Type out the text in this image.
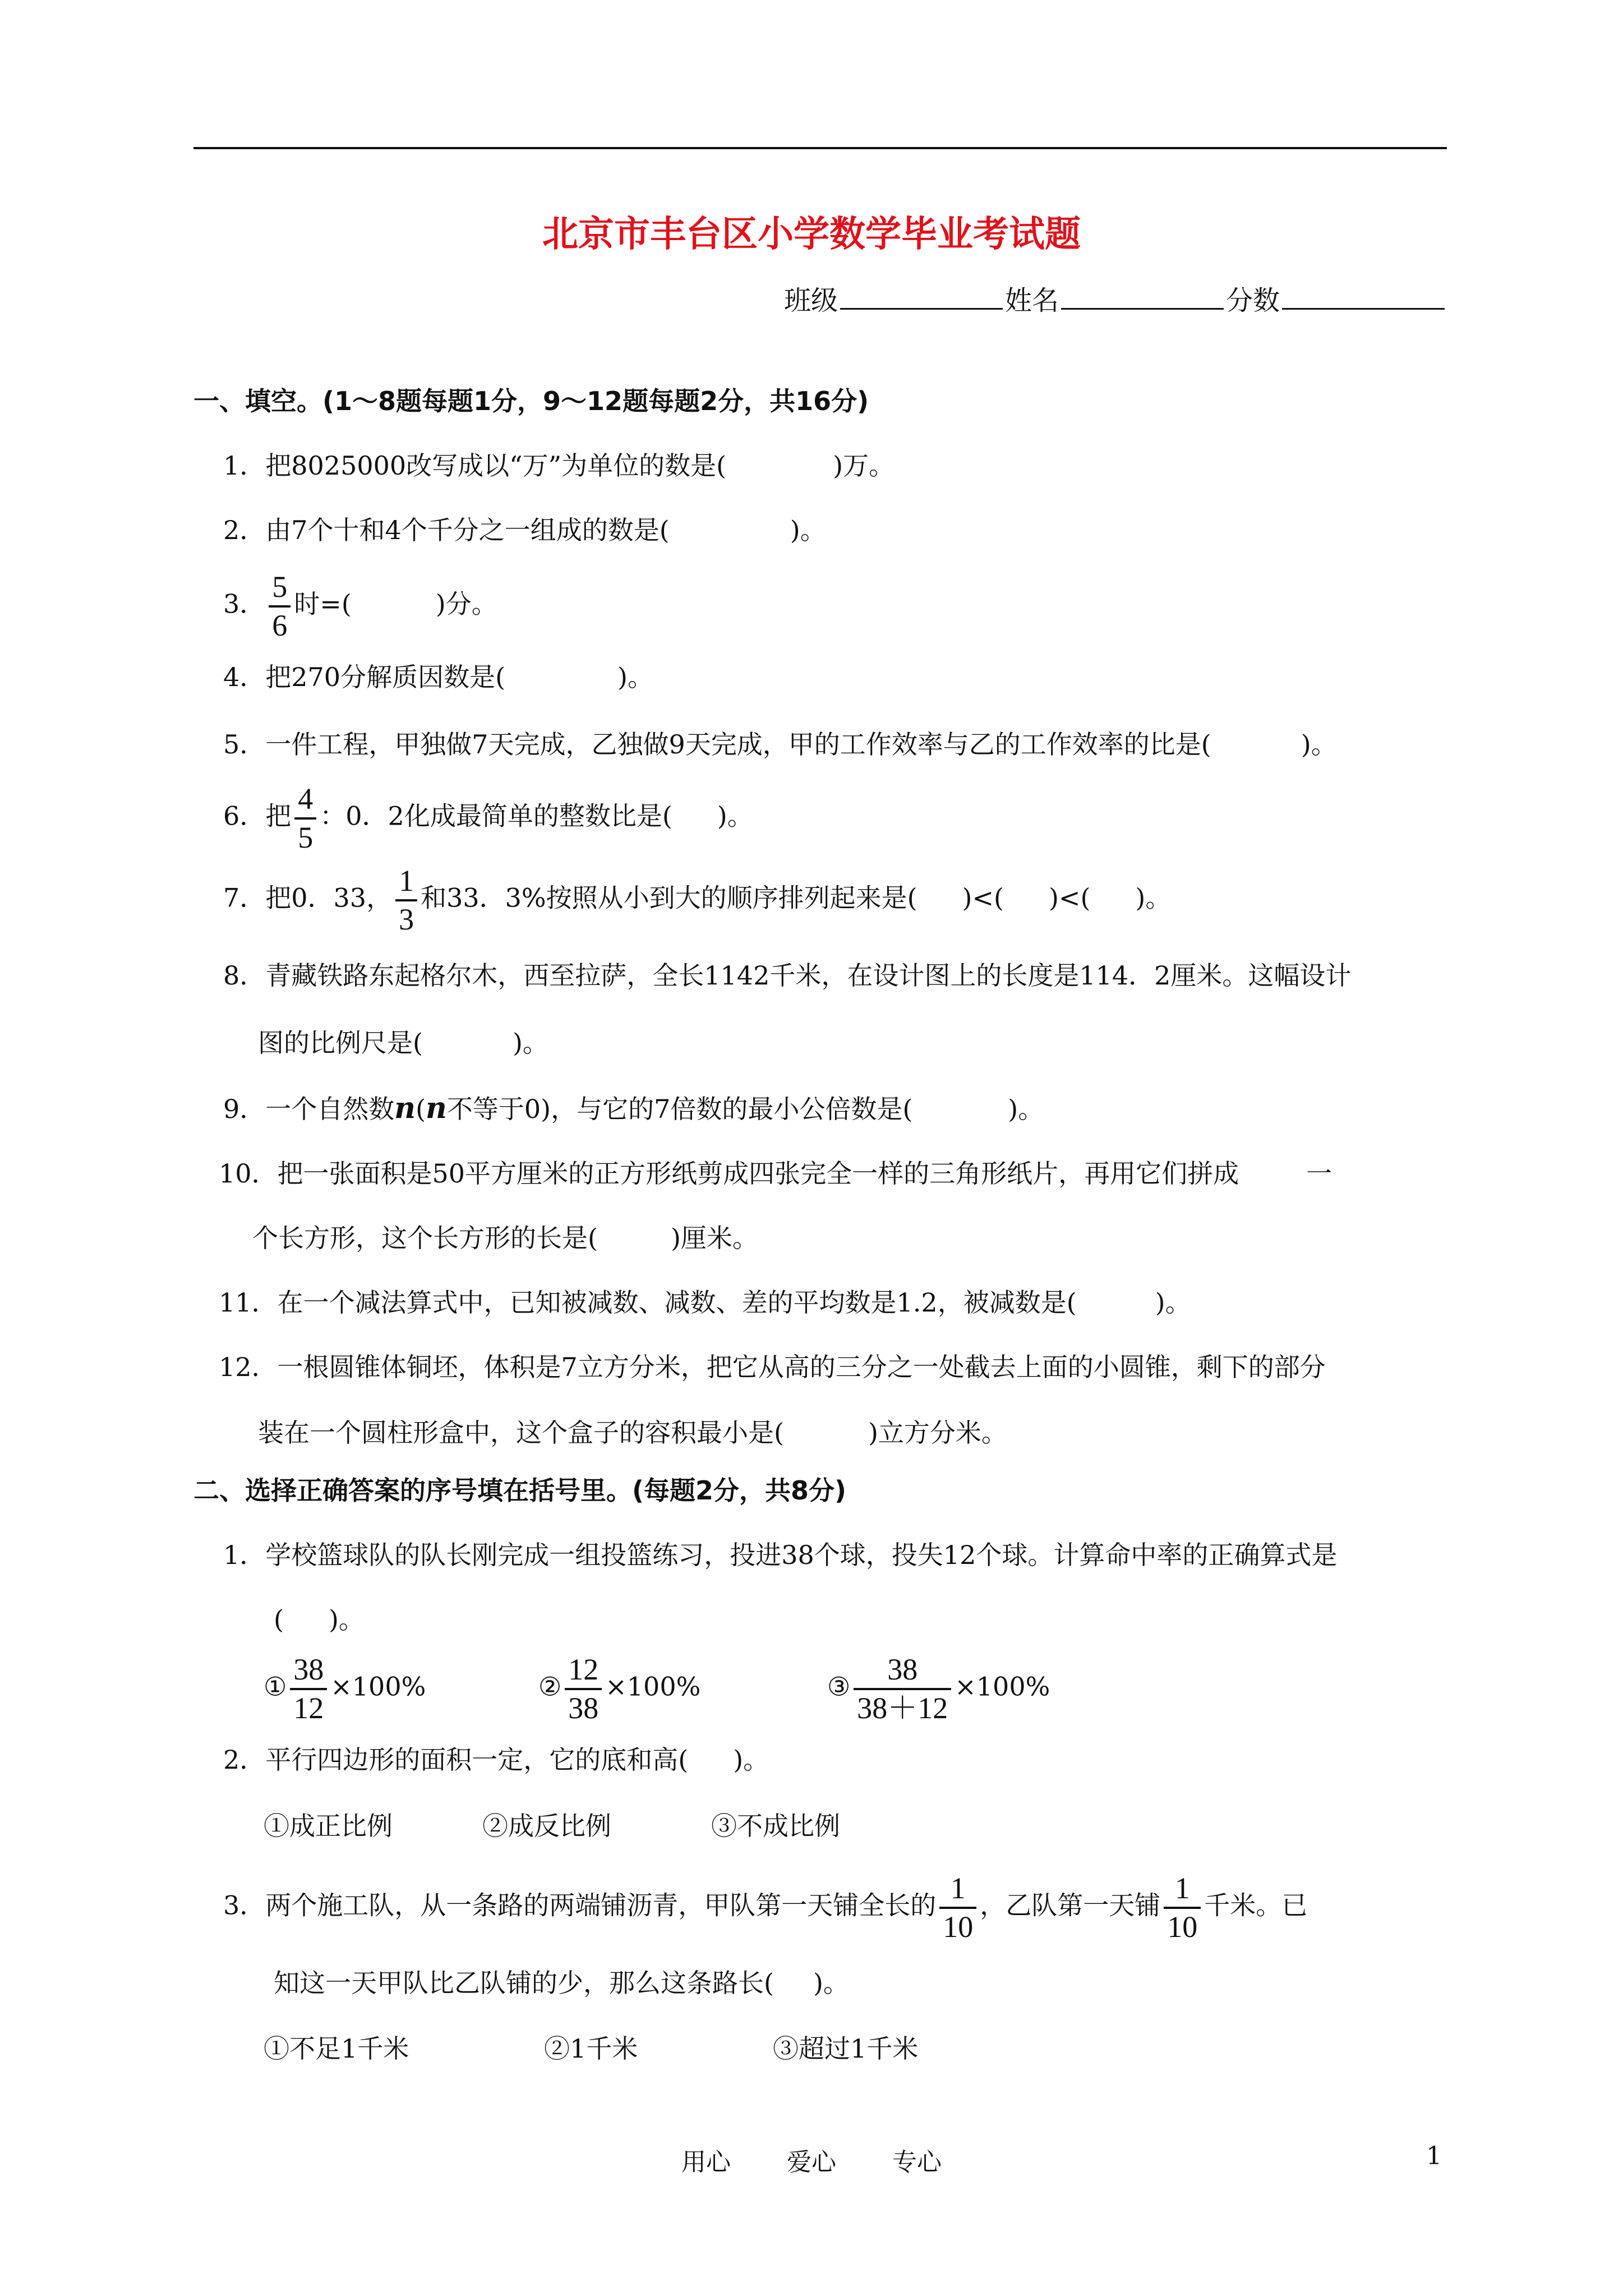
北京市丰台区小学数学毕业考试题
班级	姓名	分数
一、填空。(1～8题每题1分，9～12题每题2分，共16分)
1．把8025000改写成以“万”为单位的数是(	)万。
2．由7个十和4个千分之一组成的数是(	)。
3． $\frac{5}{6}$ 时=(	)分。
4．把270分解质因数是(	)。
5．一件工程，甲独做7天完成，乙独做9天完成，甲的工作效率与乙的工作效率的比是(	)。
6．把 $\frac{4}{5}$ ：0．2化成最简单的整数比是( )。
7．把0．33， $\frac{1}{3}$ 和33．3%按照从小到大的顺序排列起来是( )<( )<( )。
8．青藏铁路东起格尔木，西至拉萨，全长1142千米，在设计图上的长度是114．2厘米。这幅设计
图的比例尺是(	)。
9．一个自然数n(n不等于0)，与它的7倍数的最小公倍数是(	)。
10．把一张面积是50平方厘米的正方形纸剪成四张完全一样的三角形纸片，再用它们拼成	一
个长方形，这个长方形的长是(	)厘米。
11．在一个减法算式中，已知被减数、减数、差的平均数是1.2，被减数是(	)。
12．一根圆锥体铜坯，体积是7立方分米，把它从高的三分之一处截去上面的小圆锥，剩下的部分
装在一个圆柱形盒中，这个盒子的容积最小是(	)立方分米。
二、选择正确答案的序号填在括号里。(每题2分，共8分)
1．学校篮球队的队长刚完成一组投篮练习，投进38个球，投失12个球。计算命中率的正确算式是
( )。
① $\frac{38}{12} \times 100\%$	② $\frac{12}{38} \times 100\%$	③ $\frac{38}{38+12} \times 100\%$
2．平行四边形的面积一定，它的底和高( )。
①成正比例	②成反比例	③不成比例
3．两个施工队，从一条路的两端铺沥青，甲队第一天铺全长的 $\frac{1}{10}$ ，乙队第一天铺 $\frac{1}{10}$ 千米。已
知这一天甲队比乙队铺的少，那么这条路长( )。
①不足1千米	②1千米	③超过1千米
用心 爱心 专心	1
